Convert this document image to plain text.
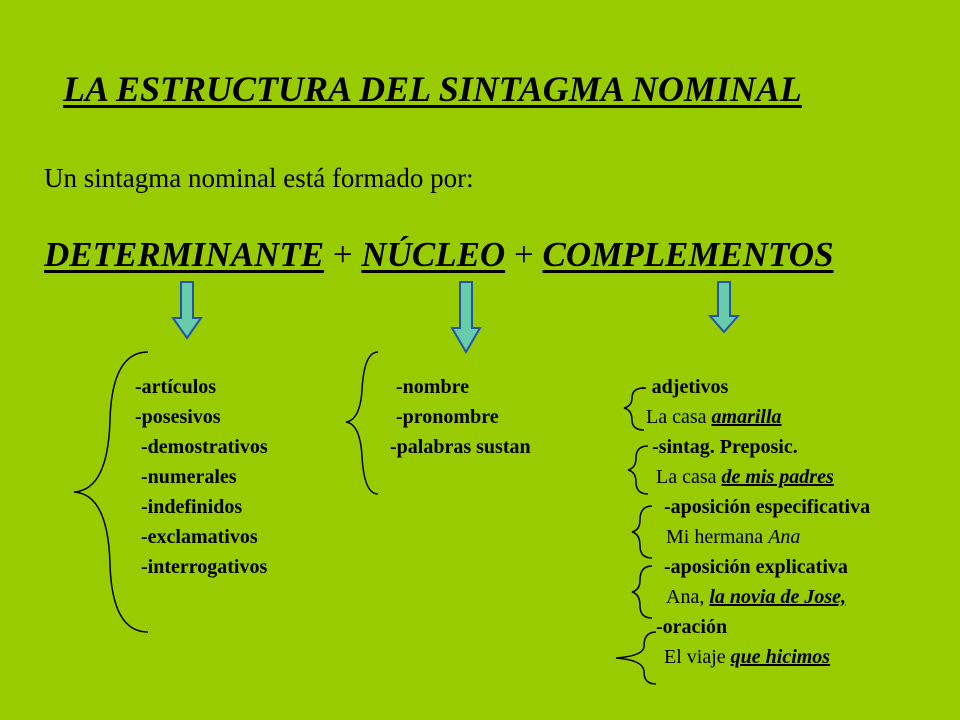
LA ESTRUCTURA DEL SINTAGMA NOMINAL
Un sintagma nominal está formado por:
DETERMINANTE + NÚCLEO + COMPLEMENTOS
-artículos
-posesivos
-demostrativos
-numerales
-indefinidos
-exclamativos
-interrogativos
-nombre
-pronombre
-palabras sustan
- adjetivos
La casa amarilla
-sintag. Preposic.
La casa de mis padres
-aposición especificativa
Mi hermana Ana
-aposición explicativa
Ana, la novia de Jose,
-oración
El viaje que hicimos
